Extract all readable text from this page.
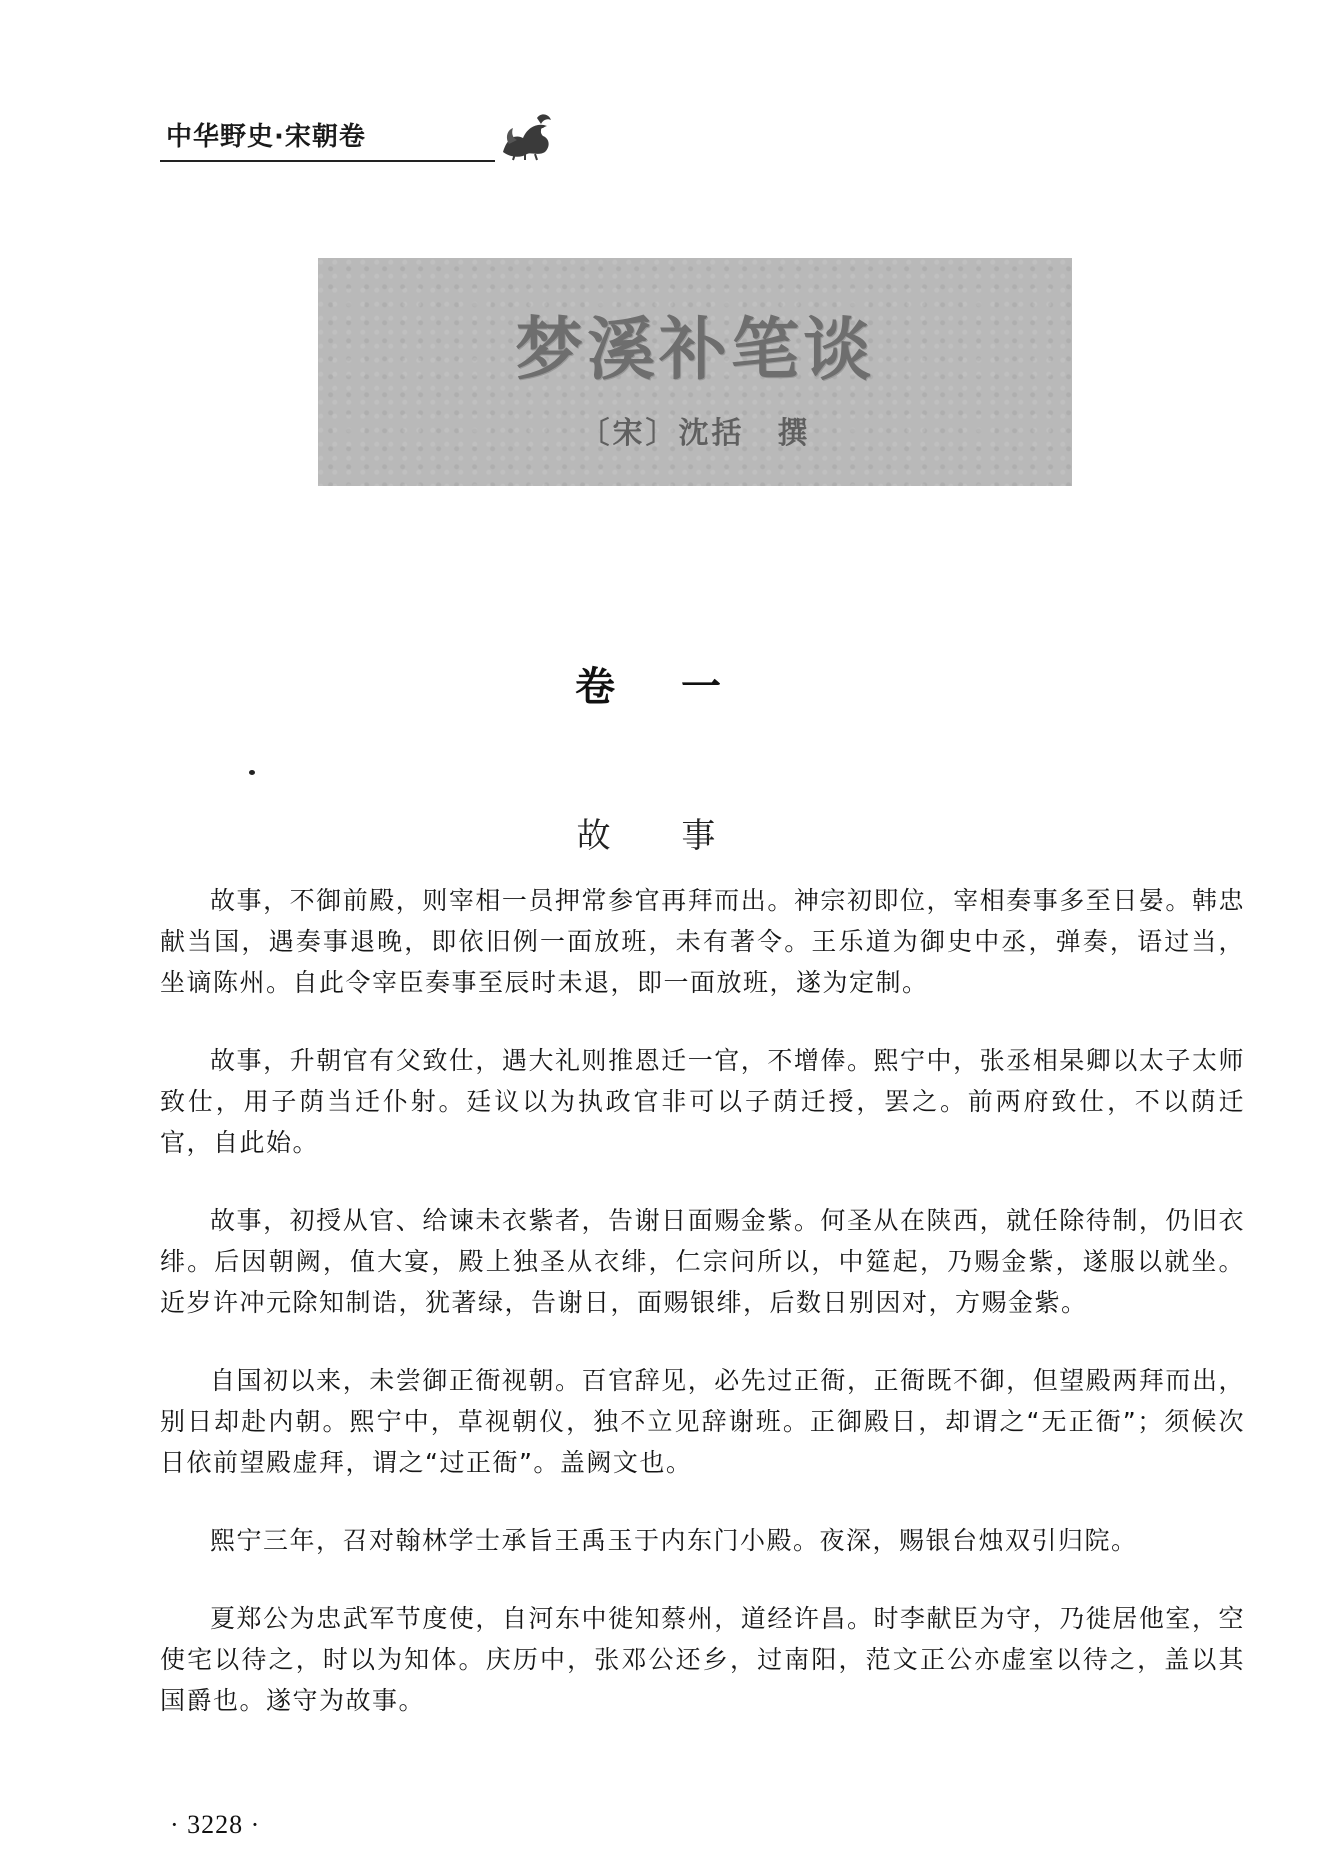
中华野史·宋朝卷
梦溪补笔谈
〔宋〕沈括　撰
卷 一
故 事

故事，不御前殿，则宰相一员押常参官再拜而出。神宗初即位，宰相奏事多至日晏。韩忠献当国，遇奏事退晚，即依旧例一面放班，未有著令。王乐道为御史中丞，弹奏，语过当，坐谪陈州。自此令宰臣奏事至辰时未退，即一面放班，遂为定制。

故事，升朝官有父致仕，遇大礼则推恩迁一官，不增俸。熙宁中，张丞相杲卿以太子太师致仕，用子荫当迁仆射。廷议以为执政官非可以子荫迁授，罢之。前两府致仕，不以荫迁官，自此始。

故事，初授从官、给谏未衣紫者，告谢日面赐金紫。何圣从在陕西，就任除待制，仍旧衣绯。后因朝阙，值大宴，殿上独圣从衣绯，仁宗问所以，中筵起，乃赐金紫，遂服以就坐。近岁许冲元除知制诰，犹著绿，告谢日，面赐银绯，后数日别因对，方赐金紫。

自国初以来，未尝御正衙视朝。百官辞见，必先过正衙，正衙既不御，但望殿两拜而出，别日却赴内朝。熙宁中，草视朝仪，独不立见辞谢班。正御殿日，却谓之“无正衙”；须候次日依前望殿虚拜，谓之“过正衙”。盖阙文也。

熙宁三年，召对翰林学士承旨王禹玉于内东门小殿。夜深，赐银台烛双引归院。

夏郑公为忠武军节度使，自河东中徙知蔡州，道经许昌。时李献臣为守，乃徙居他室，空使宅以待之，时以为知体。庆历中，张邓公还乡，过南阳，范文正公亦虚室以待之，盖以其国爵也。遂守为故事。

· 3228 ·
